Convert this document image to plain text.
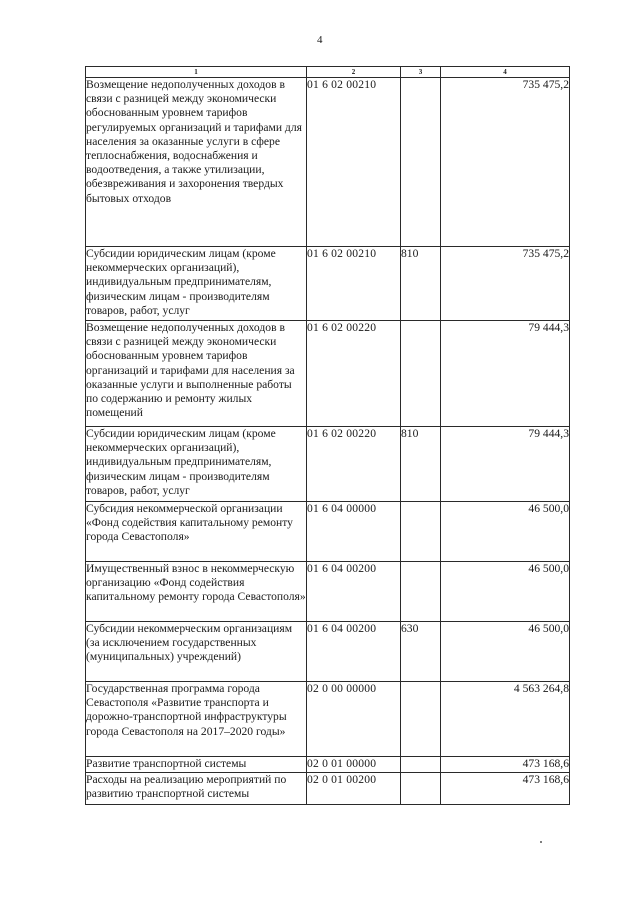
4
1	2	3	4
Возмещение недополученных доходов в связи с разницей между экономически обоснованным уровнем тарифов регулируемых организаций и тарифами для населения за оказанные услуги в сфере теплоснабжения, водоснабжения и водоотведения, а также утилизации, обезвреживания и захоронения твердых бытовых отходов	01 6 02 00210		735 475,2
Субсидии юридическим лицам (кроме некоммерческих организаций), индивидуальным предпринимателям, физическим лицам - производителям товаров, работ, услуг	01 6 02 00210	810	735 475,2
Возмещение недополученных доходов в связи с разницей между экономически обоснованным уровнем тарифов организаций и тарифами для населения за оказанные услуги и выполненные работы по содержанию и ремонту жилых помещений	01 6 02 00220		79 444,3
Субсидии юридическим лицам (кроме некоммерческих организаций), индивидуальным предпринимателям, физическим лицам - производителям товаров, работ, услуг	01 6 02 00220	810	79 444,3
Субсидия некоммерческой организации «Фонд содействия капитальному ремонту города Севастополя»	01 6 04 00000		46 500,0
Имущественный взнос в некоммерческую организацию «Фонд содействия капитальному ремонту города Севастополя»	01 6 04 00200		46 500,0
Субсидии некоммерческим организациям (за исключением государственных (муниципальных) учреждений)	01 6 04 00200	630	46 500,0
Государственная программа города Севастополя «Развитие транспорта и дорожно-транспортной инфраструктуры города Севастополя на 2017–2020 годы»	02 0 00 00000		4 563 264,8
Развитие транспортной системы	02 0 01 00000		473 168,6
Расходы на реализацию мероприятий по развитию транспортной системы	02 0 01 00200		473 168,6
